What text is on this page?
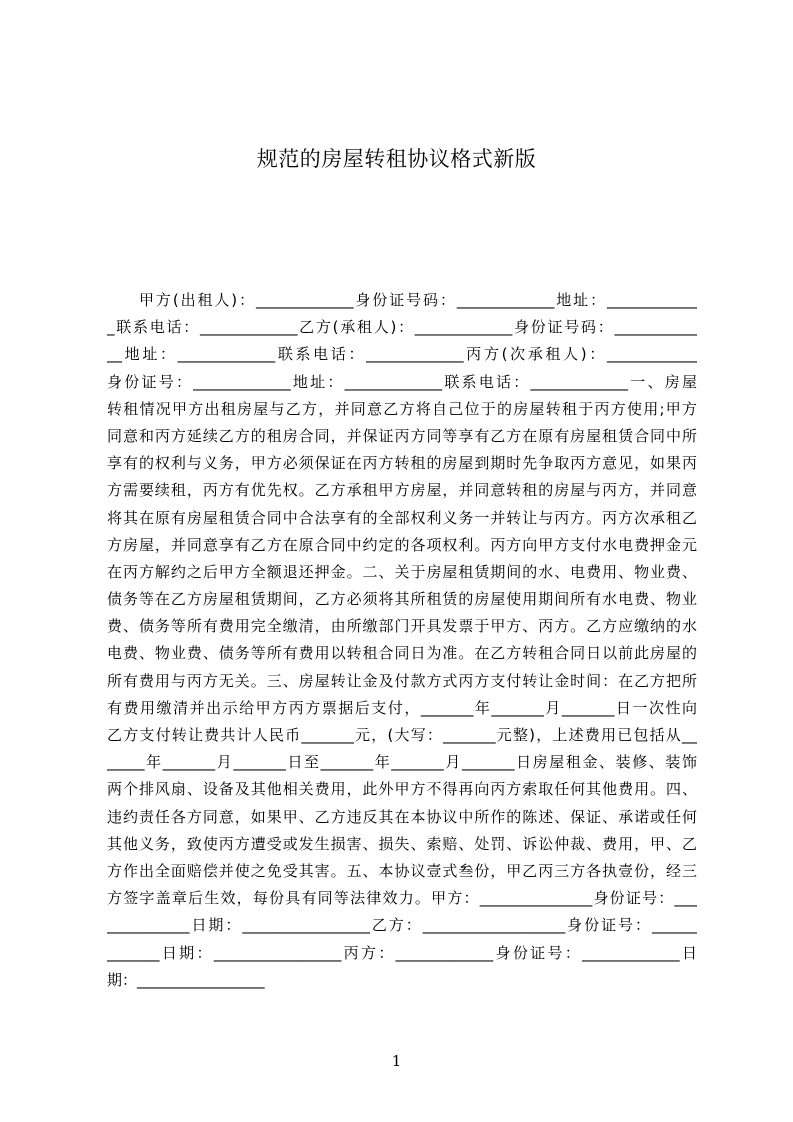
规范的房屋转租协议格式新版
甲方(出租人)：_____________身份证号码：_____________地址：____________
_联系电话：_____________乙方(承租人)：_____________身份证号码：___________
__地址：_____________联系电话：_____________丙方(次承租人)：____________
身份证号：_____________地址：_____________联系电话：_____________一、房屋
转租情况甲方出租房屋与乙方，并同意乙方将自己位于的房屋转租于丙方使用;甲方
同意和丙方延续乙方的租房合同，并保证丙方同等享有乙方在原有房屋租赁合同中所
享有的权利与义务，甲方必须保证在丙方转租的房屋到期时先争取丙方意见，如果丙
方需要续租，丙方有优先权。乙方承租甲方房屋，并同意转租的房屋与丙方，并同意
将其在原有房屋租赁合同中合法享有的全部权利义务一并转让与丙方。丙方次承租乙
方房屋，并同意享有乙方在原合同中约定的各项权利。丙方向甲方支付水电费押金元
在丙方解约之后甲方全额退还押金。二、关于房屋租赁期间的水、电费用、物业费、
债务等在乙方房屋租赁期间，乙方必须将其所租赁的房屋使用期间所有水电费、物业
费、债务等所有费用完全缴清，由所缴部门开具发票于甲方、丙方。乙方应缴纳的水
电费、物业费、债务等所有费用以转租合同日为准。在乙方转租合同日以前此房屋的
所有费用与丙方无关。三、房屋转让金及付款方式丙方支付转让金时间：在乙方把所
有费用缴清并出示给甲方丙方票据后支付，_______年_______月_______日一次性向
乙方支付转让费共计人民币_______元，(大写：_______元整)，上述费用已包括从__
_____年_______月_______日至_______年_______月_______日房屋租金、装修、装饰
两个排风扇、设备及其他相关费用，此外甲方不得再向丙方索取任何其他费用。四、
违约责任各方同意，如果甲、乙方违反其在本协议中所作的陈述、保证、承诺或任何
其他义务，致使丙方遭受或发生损害、损失、索赔、处罚、诉讼仲裁、费用，甲、乙
方作出全面赔偿并使之免受其害。五、本协议壹式叁份，甲乙丙三方各执壹份，经三
方签字盖章后生效，每份具有同等法律效力。甲方：_______________身份证号：___
___________日期：_________________乙方：___________________身份证号：______
_______日期：_________________丙方：_____________身份证号：_____________日
期：_________________
1
